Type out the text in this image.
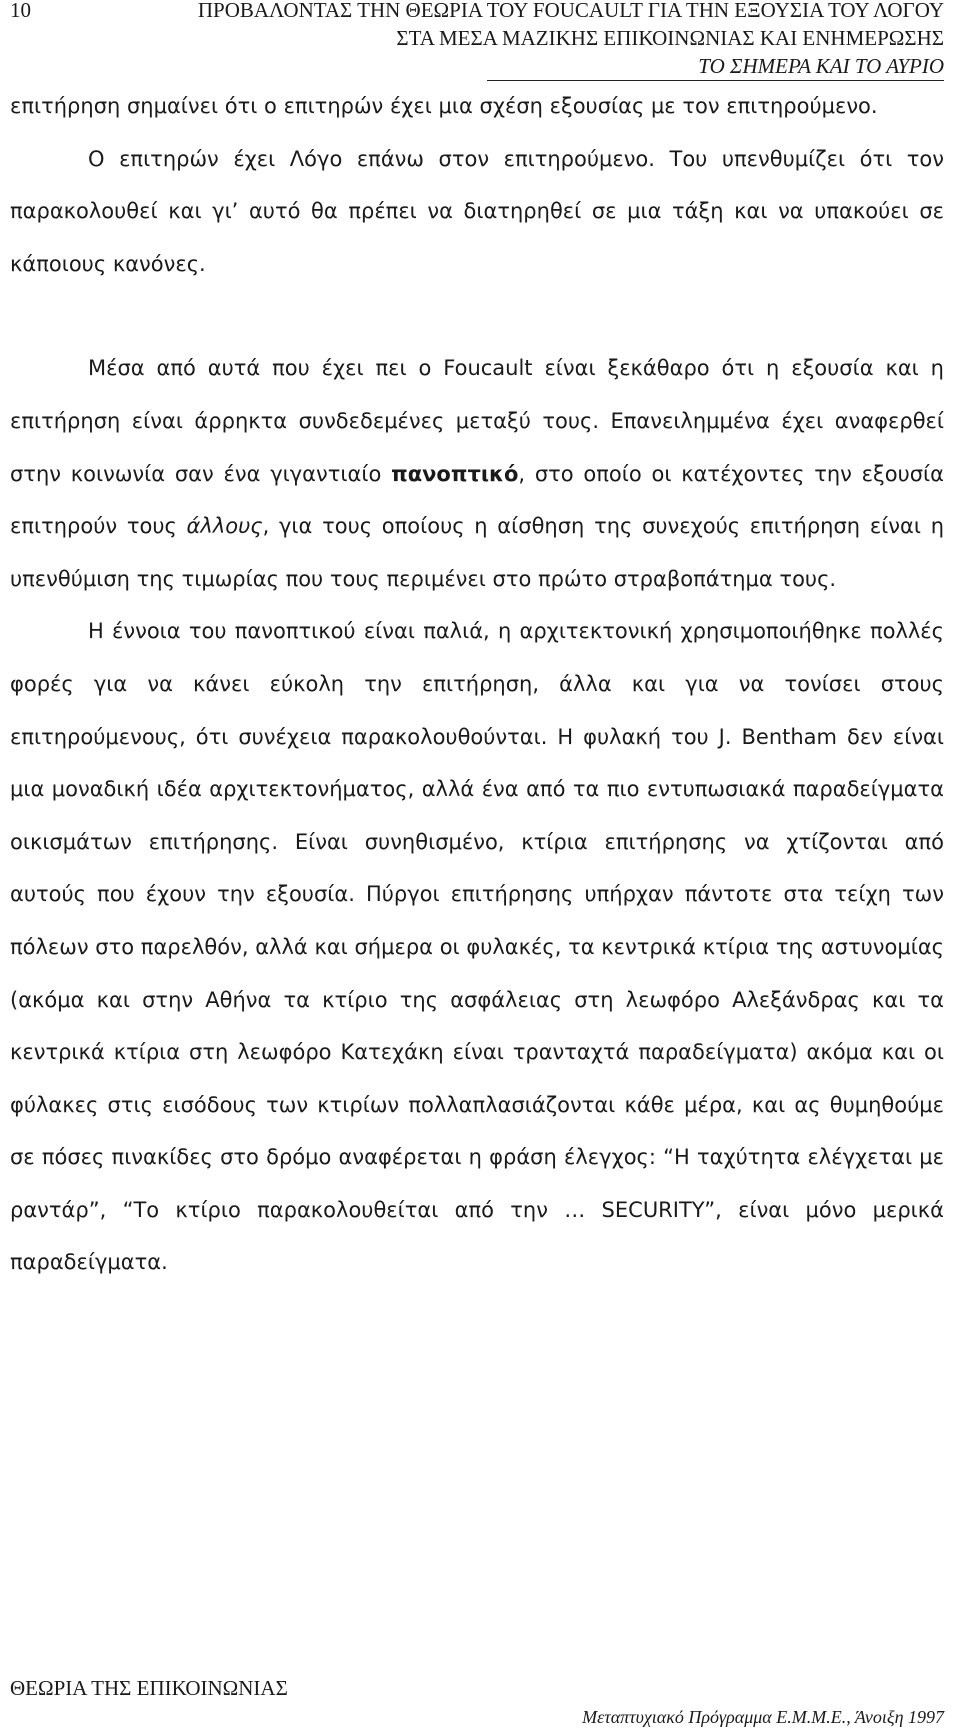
10	ΠΡΟΒΑΛΟΝΤΑΣ ΤΗΝ ΘΕΩΡΙΑ ΤΟΥ FOUCAULT ΓΙΑ ΤΗΝ ΕΞΟΥΣΙΑ ΤΟΥ ΛΟΓΟΥ
ΣΤΑ ΜΕΣΑ ΜΑΖΙΚΗΣ ΕΠΙΚΟΙΝΩΝΙΑΣ ΚΑΙ ΕΝΗΜΕΡΩΣΗΣ
ΤΟ ΣΗΜΕΡΑ ΚΑΙ ΤΟ ΑΥΡΙΟ

επιτήρηση σημαίνει ότι ο επιτηρών έχει μια σχέση εξουσίας με τον επιτηρούμενο.

Ο επιτηρών έχει Λόγο επάνω στον επιτηρούμενο. Του υπενθυμίζει ότι τον παρακολουθεί και γι’ αυτό θα πρέπει να διατηρηθεί σε μια τάξη και να υπακούει σε κάποιους κανόνες.

Μέσα από αυτά που έχει πει ο Foucault είναι ξεκάθαρο ότι η εξουσία και η επιτήρηση είναι άρρηκτα συνδεδεμένες μεταξύ τους. Επανειλημμένα έχει αναφερθεί στην κοινωνία σαν ένα γιγαντιαίο πανοπτικό, στο οποίο οι κατέχοντες την εξουσία επιτηρούν τους άλλους, για τους οποίους η αίσθηση της συνεχούς επιτήρηση είναι η υπενθύμιση της τιμωρίας που τους περιμένει στο πρώτο στραβοπάτημα τους.

Η έννοια του πανοπτικού είναι παλιά, η αρχιτεκτονική χρησιμοποιήθηκε πολλές φορές για να κάνει εύκολη την επιτήρηση, άλλα και για να τονίσει στους επιτηρούμενους, ότι συνέχεια παρακολουθούνται. Η φυλακή του J. Bentham δεν είναι μια μοναδική ιδέα αρχιτεκτονήματος, αλλά ένα από τα πιο εντυπωσιακά παραδείγματα οικισμάτων επιτήρησης. Είναι συνηθισμένο, κτίρια επιτήρησης να χτίζονται από αυτούς που έχουν την εξουσία. Πύργοι επιτήρησης υπήρχαν πάντοτε στα τείχη των πόλεων στο παρελθόν, αλλά και σήμερα οι φυλακές, τα κεντρικά κτίρια της αστυνομίας (ακόμα και στην Αθήνα τα κτίριο της ασφάλειας στη λεωφόρο Αλεξάνδρας και τα κεντρικά κτίρια στη λεωφόρο Κατεχάκη είναι τρανταχτά παραδείγματα) ακόμα και οι φύλακες στις εισόδους των κτιρίων πολλαπλασιάζονται κάθε μέρα, και ας θυμηθούμε σε πόσες πινακίδες στο δρόμο αναφέρεται η φράση έλεγχος: “Η ταχύτητα ελέγχεται με ραντάρ”, “Το κτίριο παρακολουθείται από την … SECURITY”, είναι μόνο μερικά παραδείγματα.

ΘΕΩΡΙΑ ΤΗΣ ΕΠΙΚΟΙΝΩΝΙΑΣ
Μεταπτυχιακό Πρόγραμμα Ε.Μ.Μ.Ε., Άνοιξη 1997
